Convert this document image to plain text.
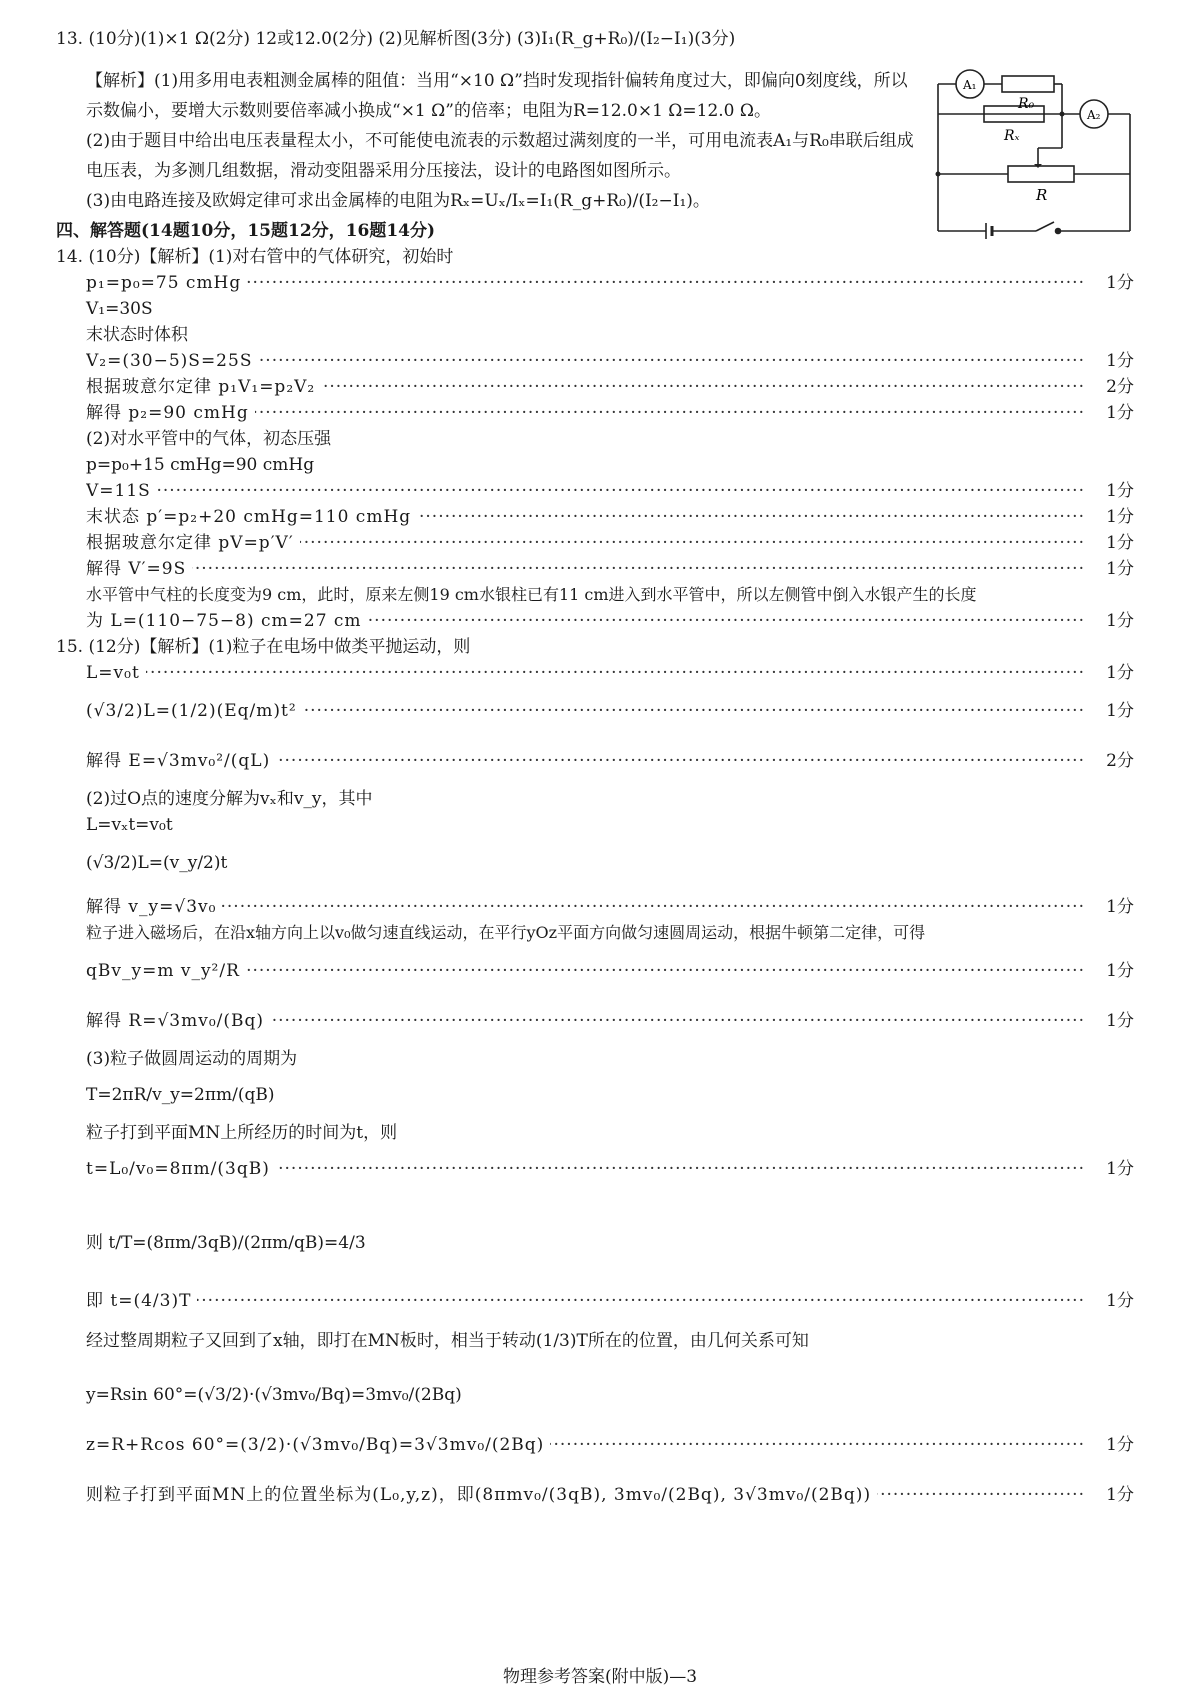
13. (10分)(1)×1 Ω(2分) 12或12.0(2分) (2)见解析图(3分) (3)I₁(R_g+R₀)/(I₂−I₁)(3分)
【解析】(1)用多用电表粗测金属棒的阻值：当用“×10 Ω”挡时发现指针偏转角度过大，即偏向0刻度线，所以示数偏小，要增大示数则要倍率减小换成“×1 Ω”的倍率；电阻为R=12.0×1 Ω=12.0 Ω。
(2)由于题目中给出电压表量程太小，不可能使电流表的示数超过满刻度的一半，可用电流表A₁与R₀串联后组成电压表，为多测几组数据，滑动变阻器采用分压接法，设计的电路图如图所示。
(3)由电路连接及欧姆定律可求出金属棒的电阻为Rₓ=Uₓ/Iₓ=I₁(R_g+R₀)/(I₂−I₁)。
A₁
A₂
R₀
Rₓ
R
四、解答题(14题10分，15题12分，16题14分)
14. (10分)【解析】(1)对右管中的气体研究，初始时
p₁=p₀=75 cmHg ·····	1分
V₁=30S
末状态时体积
V₂=(30−5)S=25S ·····	1分
根据玻意尔定律 p₁V₁=p₂V₂ ·····	2分
解得 p₂=90 cmHg ·····	1分
(2)对水平管中的气体，初态压强
p=p₀+15 cmHg=90 cmHg
V=11S ·····	1分
末状态 p′=p₂+20 cmHg=110 cmHg ·····	1分
根据玻意尔定律 pV=p′V′ ·····	1分
解得 V′=9S ·····	1分
水平管中气柱的长度变为9 cm，此时，原来左侧19 cm水银柱已有11 cm进入到水平管中，所以左侧管中倒入水银产生的长度
为 L=(110−75−8) cm=27 cm ·····	1分
15. (12分)【解析】(1)粒子在电场中做类平抛运动，则
L=v₀t ·····	1分
(√3/2)L=(1/2)(Eq/m)t² ·····	1分
解得 E=√3mv₀²/(qL) ·····	2分
(2)过O点的速度分解为vₓ和v_y，其中
L=vₓt=v₀t
(√3/2)L=(v_y/2)t
解得 v_y=√3v₀ ·····	1分
粒子进入磁场后，在沿x轴方向上以v₀做匀速直线运动，在平行yOz平面方向做匀速圆周运动，根据牛顿第二定律，可得
qBv_y=m v_y²/R ·····	1分
解得 R=√3mv₀/(Bq) ·····	1分
(3)粒子做圆周运动的周期为
T=2πR/v_y=2πm/(qB)
粒子打到平面MN上所经历的时间为t，则
t=L₀/v₀=8πm/(3qB) ·····	1分
则 t/T=(8πm/3qB)/(2πm/qB)=4/3
即 t=(4/3)T ·····	1分
经过整周期粒子又回到了x轴，即打在MN板时，相当于转动(1/3)T所在的位置，由几何关系可知
y=Rsin 60°=(√3/2)·(√3mv₀/Bq)=3mv₀/(2Bq)
z=R+Rcos 60°=(3/2)·(√3mv₀/Bq)=3√3mv₀/(2Bq) ·····	1分
则粒子打到平面MN上的位置坐标为(L₀,y,z)，即(8πmv₀/(3qB), 3mv₀/(2Bq), 3√3mv₀/(2Bq)) ·····	1分
物理参考答案(附中版)—3
